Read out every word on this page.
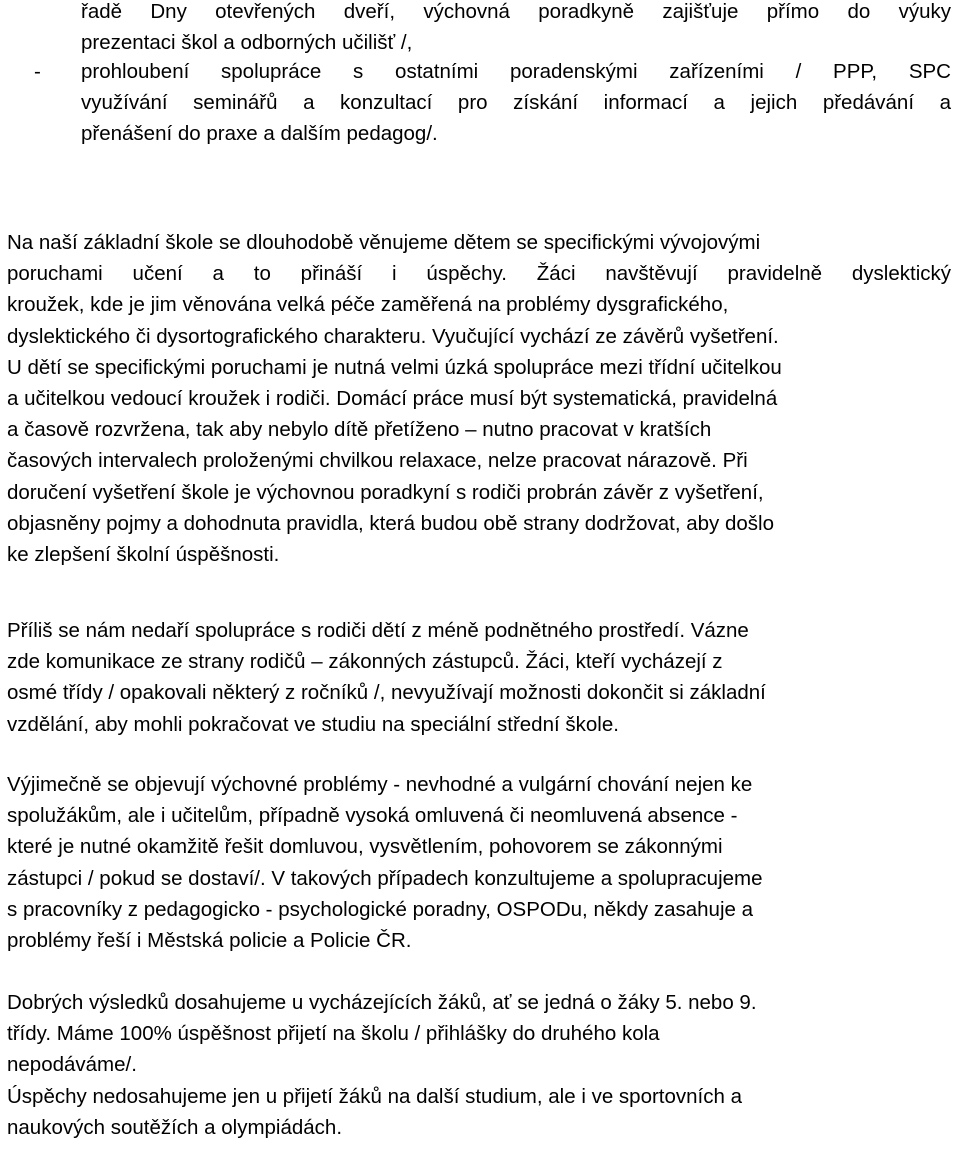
řadě Dny otevřených dveří, výchovná poradkyně zajišťuje přímo do výuky
prezentaci škol a odborných učilišť /,
- prohloubení spolupráce s ostatními poradenskými zařízeními / PPP, SPC
využívání seminářů a konzultací pro získání informací a jejich předávání a
přenášení do praxe a dalším pedagog/.
Na naší základní škole se dlouhodobě věnujeme dětem se specifickými vývojovými
poruchami učení a to přináší i úspěchy. Žáci navštěvují pravidelně dyslektický
kroužek, kde je jim věnována velká péče zaměřená na problémy dysgrafického,
dyslektického či dysortografického charakteru. Vyučující vychází ze závěrů vyšetření.
U dětí se specifickými poruchami je nutná velmi úzká spolupráce mezi třídní učitelkou
a učitelkou vedoucí kroužek i rodiči. Domácí práce musí být systematická, pravidelná
a časově rozvržena, tak aby nebylo dítě přetíženo – nutno pracovat v kratších
časových intervalech proloženými chvilkou relaxace, nelze pracovat nárazově. Při
doručení vyšetření škole je výchovnou poradkyní s rodiči probrán závěr z vyšetření,
objasněny pojmy a dohodnuta pravidla, která budou obě strany dodržovat, aby došlo
ke zlepšení školní úspěšnosti.
Příliš se nám nedaří spolupráce s rodiči dětí z méně podnětného prostředí. Vázne
zde komunikace ze strany rodičů – zákonných zástupců. Žáci, kteří vycházejí z
osmé třídy / opakovali některý z ročníků /, nevyužívají možnosti dokončit si základní
vzdělání, aby mohli pokračovat ve studiu na speciální střední škole.
Výjimečně se objevují výchovné problémy - nevhodné a vulgární chování nejen ke
spolužákům, ale i učitelům, případně vysoká omluvená či neomluvená absence -
které je nutné okamžitě řešit domluvou, vysvětlením, pohovorem se zákonnými
zástupci / pokud se dostaví/. V takových případech konzultujeme a spolupracujeme
s pracovníky z pedagogicko - psychologické poradny, OSPODu, někdy zasahuje a
problémy řeší i Městská policie a Policie ČR.
Dobrých výsledků dosahujeme u vycházejících žáků, ať se jedná o žáky 5. nebo 9.
třídy. Máme 100% úspěšnost přijetí na školu / přihlášky do druhého kola
nepodáváme/.
Úspěchy nedosahujeme jen u přijetí žáků na další studium, ale i ve sportovních a
naukových soutěžích a olympiádách.
